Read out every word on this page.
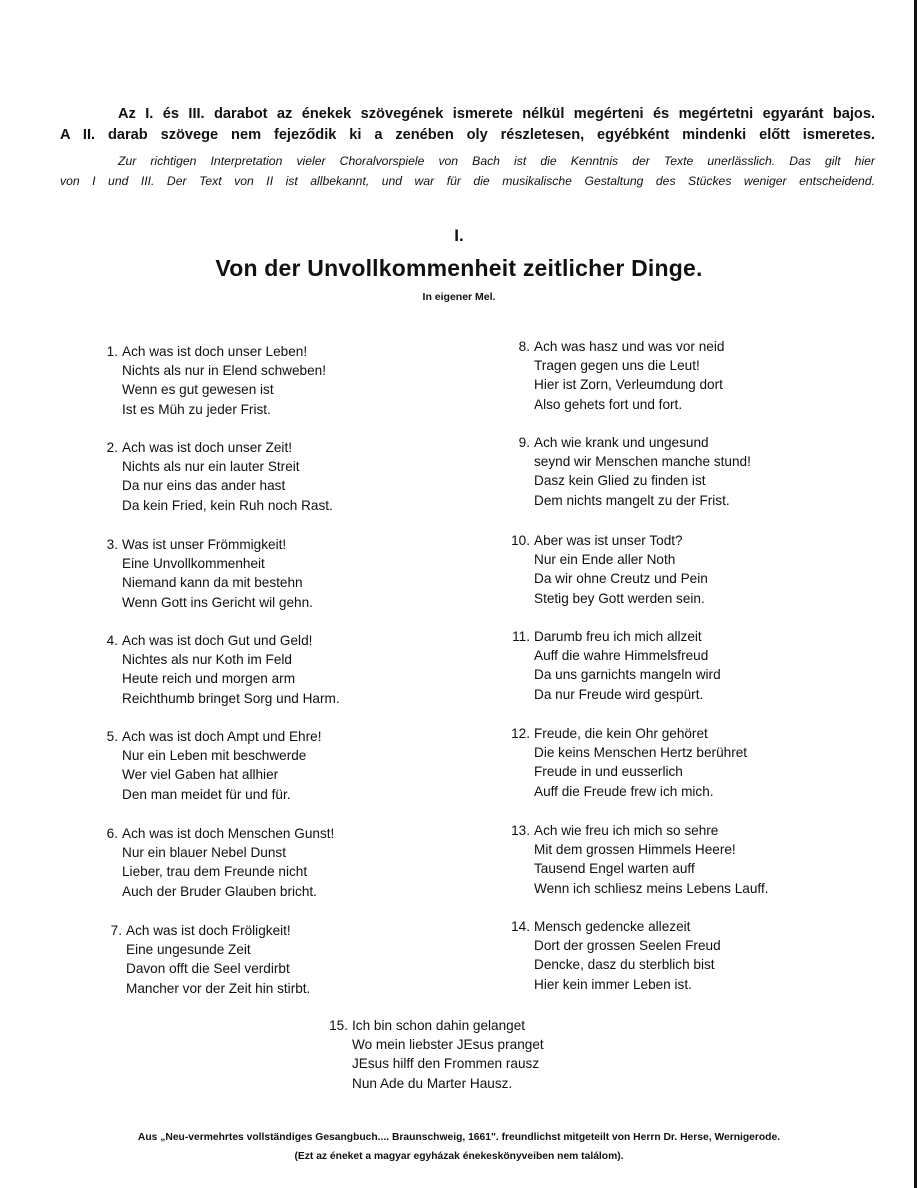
Az I. és III. darabot az énekek szövegének ismerete nélkül megérteni és megértetni egyaránt bajos.
A II. darab szövege nem fejeződik ki a zenében oly részletesen, egyébként mindenki előtt ismeretes.
Zur richtigen Interpretation vieler Choralvorspiele von Bach ist die Kenntnis der Texte unerlässlich. Das gilt hier
von I und III. Der Text von II ist allbekannt, und war für die musikalische Gestaltung des Stückes weniger entscheidend.
I.
Von der Unvollkommenheit zeitlicher Dinge.
In eigener Mel.
1. Ach was ist doch unser Leben!
Nichts als nur in Elend schweben!
Wenn es gut gewesen ist
Ist es Müh zu jeder Frist.
2. Ach was ist doch unser Zeit!
Nichts als nur ein lauter Streit
Da nur eins das ander hast
Da kein Fried, kein Ruh noch Rast.
3. Was ist unser Frömmigkeit!
Eine Unvollkommenheit
Niemand kann da mit bestehn
Wenn Gott ins Gericht wil gehn.
4. Ach was ist doch Gut und Geld!
Nichtes als nur Koth im Feld
Heute reich und morgen arm
Reichthumb bringet Sorg und Harm.
5. Ach was ist doch Ampt und Ehre!
Nur ein Leben mit beschwerde
Wer viel Gaben hat allhier
Den man meidet für und für.
6. Ach was ist doch Menschen Gunst!
Nur ein blauer Nebel Dunst
Lieber, trau dem Freunde nicht
Auch der Bruder Glauben bricht.
7. Ach was ist doch Fröligkeit!
Eine ungesunde Zeit
Davon offt die Seel verdirbt
Mancher vor der Zeit hin stirbt.
8. Ach was hasz und was vor neid
Tragen gegen uns die Leut!
Hier ist Zorn, Verleumdung dort
Also gehets fort und fort.
9. Ach wie krank und ungesund
seynd wir Menschen manche stund!
Dasz kein Glied zu finden ist
Dem nichts mangelt zu der Frist.
10. Aber was ist unser Todt?
Nur ein Ende aller Noth
Da wir ohne Creutz und Pein
Stetig bey Gott werden sein.
11. Darumb freu ich mich allzeit
Auff die wahre Himmelsfreud
Da uns garnichts mangeln wird
Da nur Freude wird gespürt.
12. Freude, die kein Ohr gehöret
Die keins Menschen Hertz berühret
Freude in und eusserlich
Auff die Freude frew ich mich.
13. Ach wie freu ich mich so sehre
Mit dem grossen Himmels Heere!
Tausend Engel warten auff
Wenn ich schliesz meins Lebens Lauff.
14. Mensch gedencke allezeit
Dort der grossen Seelen Freud
Dencke, dasz du sterblich bist
Hier kein immer Leben ist.
15. Ich bin schon dahin gelanget
Wo mein liebster JEsus pranget
JEsus hilff den Frommen rausz
Nun Ade du Marter Hausz.
Aus „Neu-vermehrtes vollständiges Gesangbuch.... Braunschweig, 1661". freundlichst mitgeteilt von Herrn Dr. Herse, Wernigerode.
(Ezt az éneket a magyar egyházak énekeskönyveiben nem találom).
